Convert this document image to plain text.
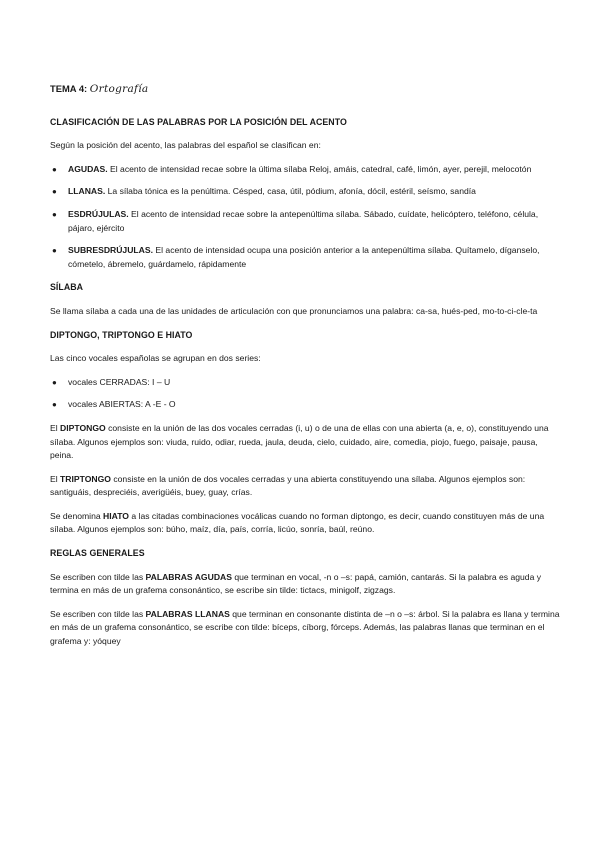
TEMA 4: Ortografía
CLASIFICACIÓN DE LAS PALABRAS POR LA POSICIÓN DEL ACENTO

Según la posición del acento, las palabras del español se clasifican en:

● AGUDAS. El acento de intensidad recae sobre la última sílaba Reloj, amáis, catedral, café, limón, ayer, perejil, melocotón
● LLANAS. La sílaba tónica es la penúltima. Césped, casa, útil, pódium, afonía, dócil, estéril, seísmo, sandía
● ESDRÚJULAS. El acento de intensidad recae sobre la antepenúltima sílaba. Sábado, cuídate, helicóptero, teléfono, célula, pájaro, ejército
● SUBRESDRÚJULAS. El acento de intensidad ocupa una posición anterior a la antepenúltima sílaba. Quítamelo, díganselo, cómetelo, ábremelo, guárdamelo, rápidamente
SÍLABA

Se llama sílaba a cada una de las unidades de articulación con que pronunciamos una palabra: ca-sa, hués-ped, mo-to-ci-cle-ta

DIPTONGO, TRIPTONGO E HIATO

Las cinco vocales españolas se agrupan en dos series:

● vocales CERRADAS: I – U
● vocales ABIERTAS: A -E - O

El DIPTONGO consiste en la unión de las dos vocales cerradas (i, u) o de una de ellas con una abierta (a, e, o), constituyendo una sílaba. Algunos ejemplos son: viuda, ruido, odiar, rueda, jaula, deuda, cielo, cuidado, aire, comedia, piojo, fuego, paisaje, pausa, peina.

El TRIPTONGO consiste en la unión de dos vocales cerradas y una abierta constituyendo una sílaba. Algunos ejemplos son: santiguáis, despreciéis, averigüéis, buey, guay, crías.

Se denomina HIATO a las citadas combinaciones vocálicas cuando no forman diptongo, es decir, cuando constituyen más de una sílaba. Algunos ejemplos son: búho, maíz, día, país, corría, licúo, sonría, baúl, reúno.

REGLAS GENERALES

Se escriben con tilde las PALABRAS AGUDAS que terminan en vocal, -n o –s: papá, camión, cantarás. Si la palabra es aguda y termina en más de un grafema consonántico, se escribe sin tilde: tictacs, minigolf, zigzags.

Se escriben con tilde las PALABRAS LLANAS que terminan en consonante distinta de –n o –s: árbol. Si la palabra es llana y termina en más de un grafema consonántico, se escribe con tilde: bíceps, cíborg, fórceps. Además, las palabras llanas que terminan en el grafema y: yóquey
